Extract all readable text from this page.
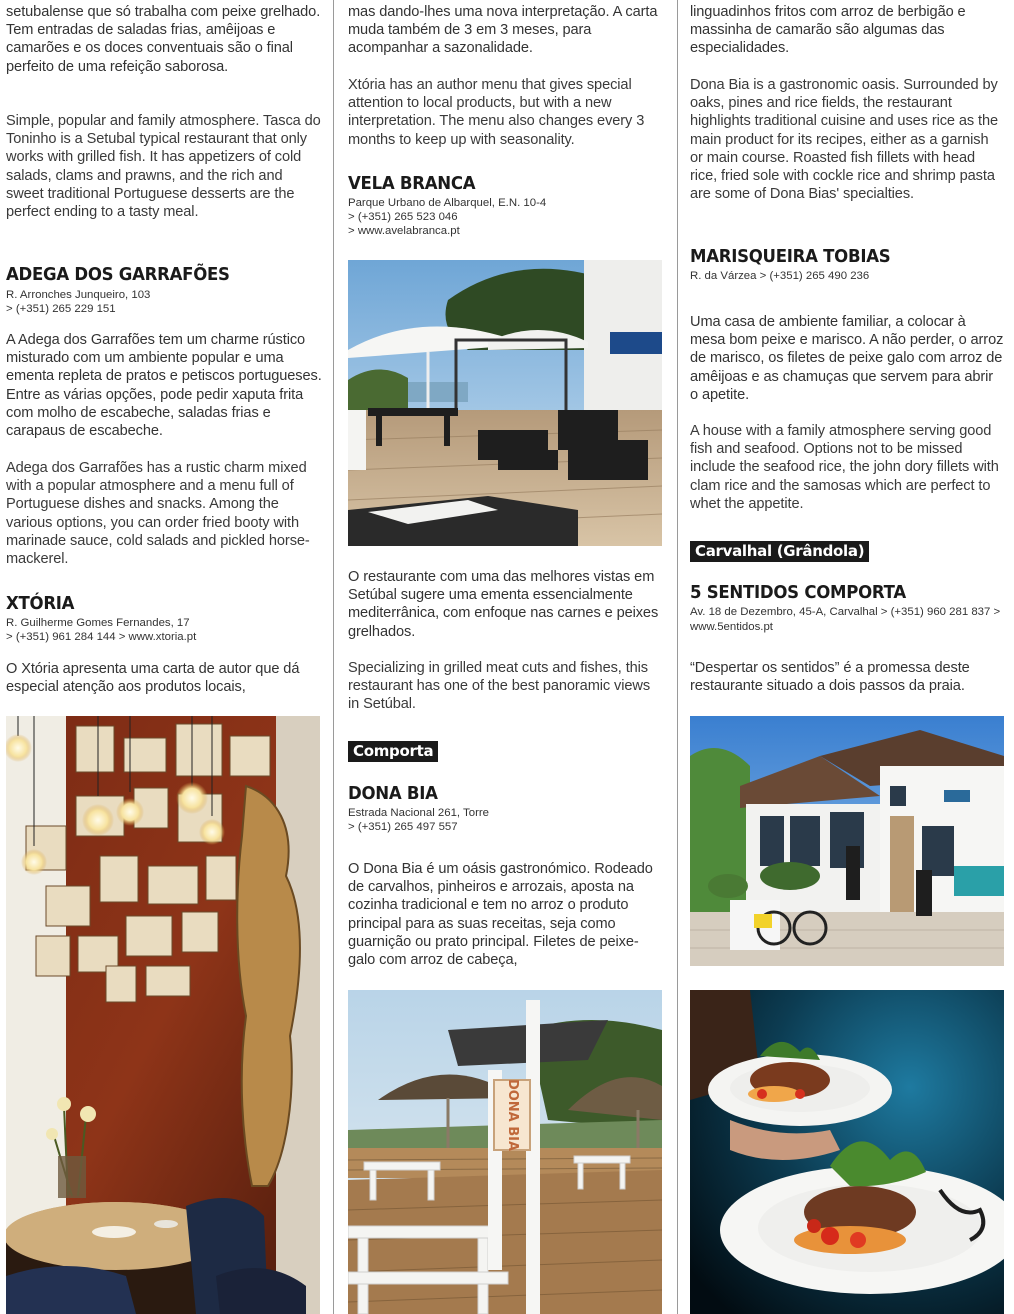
setubalense que só trabalha com peixe grelhado. Tem entradas de saladas frias, amêijoas e camarões e os doces conventuais são o final perfeito de uma refeição saborosa.

Simple, popular and family atmosphere. Tasca do Toninho is a Setubal typical restaurant that only works with grilled fish. It has appetizers of cold salads, clams and prawns, and the rich and sweet traditional Portuguese desserts are the perfect ending to a tasty meal.

ADEGA DOS GARRAFÕES
R. Arronches Junqueiro, 103
> (+351) 265 229 151

A Adega dos Garrafões tem um charme rústico misturado com um ambiente popular e uma ementa repleta de pratos e petiscos portugueses. Entre as várias opções, pode pedir xaputa frita com molho de escabeche, saladas frias e carapaus de escabeche.

Adega dos Garrafões has a rustic charm mixed with a popular atmosphere and a menu full of Portuguese dishes and snacks. Among the various options, you can order fried booty with marinade sauce, cold salads and pickled horse-mackerel.

XTÓRIA
R. Guilherme Gomes Fernandes, 17
> (+351) 961 284 144 > www.xtoria.pt

O Xtória apresenta uma carta de autor que dá especial atenção aos produtos locais,

mas dando-lhes uma nova interpretação. A carta muda também de 3 em 3 meses, para acompanhar a sazonalidade.

Xtória has an author menu that gives special attention to local products, but with a new interpretation. The menu also changes every 3 months to keep up with seasonality.

VELA BRANCA
Parque Urbano de Albarquel, E.N. 10-4
> (+351) 265 523 046
> www.avelabranca.pt

O restaurante com uma das melhores vistas em Setúbal sugere uma ementa essencialmente mediterrânica, com enfoque nas carnes e peixes grelhados.

Specializing in grilled meat cuts and fishes, this restaurant has one of the best panoramic views in Setúbal.

Comporta
DONA BIA
Estrada Nacional 261, Torre
> (+351) 265 497 557

O Dona Bia é um oásis gastronómico. Rodeado de carvalhos, pinheiros e arrozais, aposta na cozinha tradicional e tem no arroz o produto principal para as suas receitas, seja como guarnição ou prato principal. Filetes de peixe-galo com arroz de cabeça,

DONA BIA

linguadinhos fritos com arroz de berbigão e massinha de camarão são algumas das especialidades.

Dona Bia is a gastronomic oasis. Surrounded by oaks, pines and rice fields, the restaurant highlights traditional cuisine and uses rice as the main product for its recipes, either as a garnish or main course. Roasted fish fillets with head rice, fried sole with cockle rice and shrimp pasta are some of Dona Bias' specialties.

MARISQUEIRA TOBIAS
R. da Várzea > (+351) 265 490 236

Uma casa de ambiente familiar, a colocar à mesa bom peixe e marisco. A não perder, o arroz de marisco, os filetes de peixe galo com arroz de amêijoas e as chamuças que servem para abrir o apetite.

A house with a family atmosphere serving good fish and seafood. Options not to be missed include the seafood rice, the john dory fillets with clam rice and the samosas which are perfect to whet the appetite.

Carvalhal (Grândola)
5 SENTIDOS COMPORTA
Av. 18 de Dezembro, 45-A, Carvalhal > (+351) 960 281 837 > www.5entidos.pt

“Despertar os sentidos” é a promessa deste restaurante situado a dois passos da praia.
